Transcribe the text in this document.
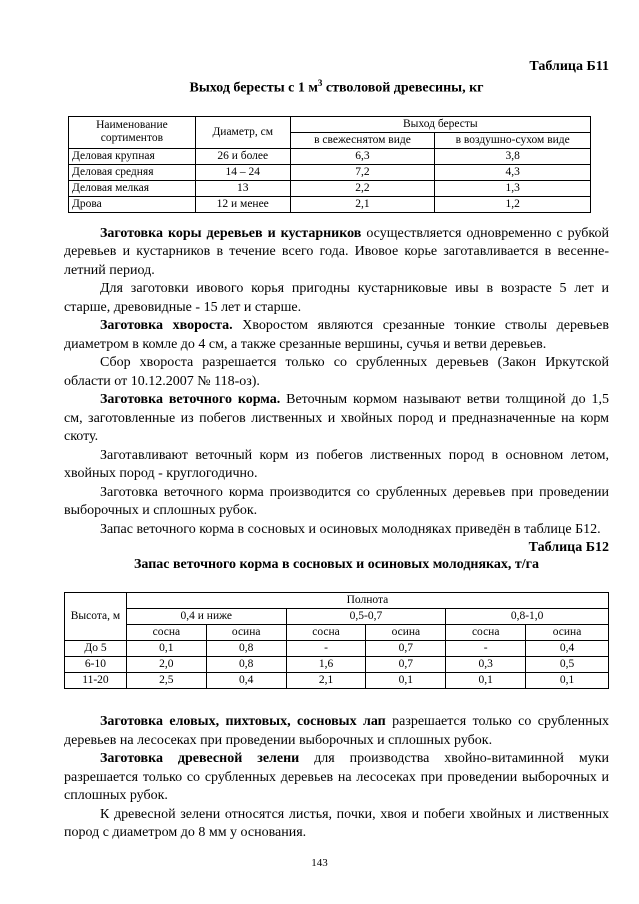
Таблица Б11
Выход бересты с 1 $м^3$ стволовой древесины, кг
Наименование сортиментов	Диаметр, см	Выход бересты	
		в свежеснятом виде	в воздушно-сухом виде
Деловая крупная	26 и более	6,3	3,8
Деловая средняя	14 – 24	7,2	4,3
Деловая мелкая	13	2,2	1,3
Дрова	12 и менее	2,1	1,2

Заготовка коры деревьев и кустарников осуществляется одновременно с рубкой деревьев и кустарников в течение всего года. Ивовое корье заготавливается в весенне-летний период.

Для заготовки ивового корья пригодны кустарниковые ивы в возрасте 5 лет и старше, древовидные - 15 лет и старше.

Заготовка хвороста. Хворостом являются срезанные тонкие стволы деревьев диаметром в комле до 4 см, а также срезанные вершины, сучья и ветви деревьев.

Сбор хвороста разрешается только со срубленных деревьев (Закон Иркутской области от 10.12.2007 № 118-оз).

Заготовка веточного корма. Веточным кормом называют ветви толщиной до 1,5 см, заготовленные из побегов лиственных и хвойных пород и предназначенные на корм скоту.

Заготавливают веточный корм из побегов лиственных пород в основном летом, хвойных пород - круглогодично.

Заготовка веточного корма производится со срубленных деревьев при проведении выборочных и сплошных рубок.

Запас веточного корма в сосновых и осиновых молодняках приведён в таблице Б12.

Таблица Б12
Запас веточного корма в сосновых и осиновых молодняках, т/га
Высота, м	Полнота					
	0,4 и ниже		0,5-0,7		0,8-1,0	
	сосна	осина	сосна	осина	сосна	осина
До 5	0,1	0,8	-	0,7	-	0,4
6-10	2,0	0,8	1,6	0,7	0,3	0,5
11-20	2,5	0,4	2,1	0,1	0,1	0,1

Заготовка еловых, пихтовых, сосновых лап разрешается только со срубленных деревьев на лесосеках при проведении выборочных и сплошных рубок.

Заготовка древесной зелени для производства хвойно-витаминной муки разрешается только со срубленных деревьев на лесосеках при проведении выборочных и сплошных рубок.

К древесной зелени относятся листья, почки, хвоя и побеги хвойных и лиственных пород с диаметром до 8 мм у основания.

143
